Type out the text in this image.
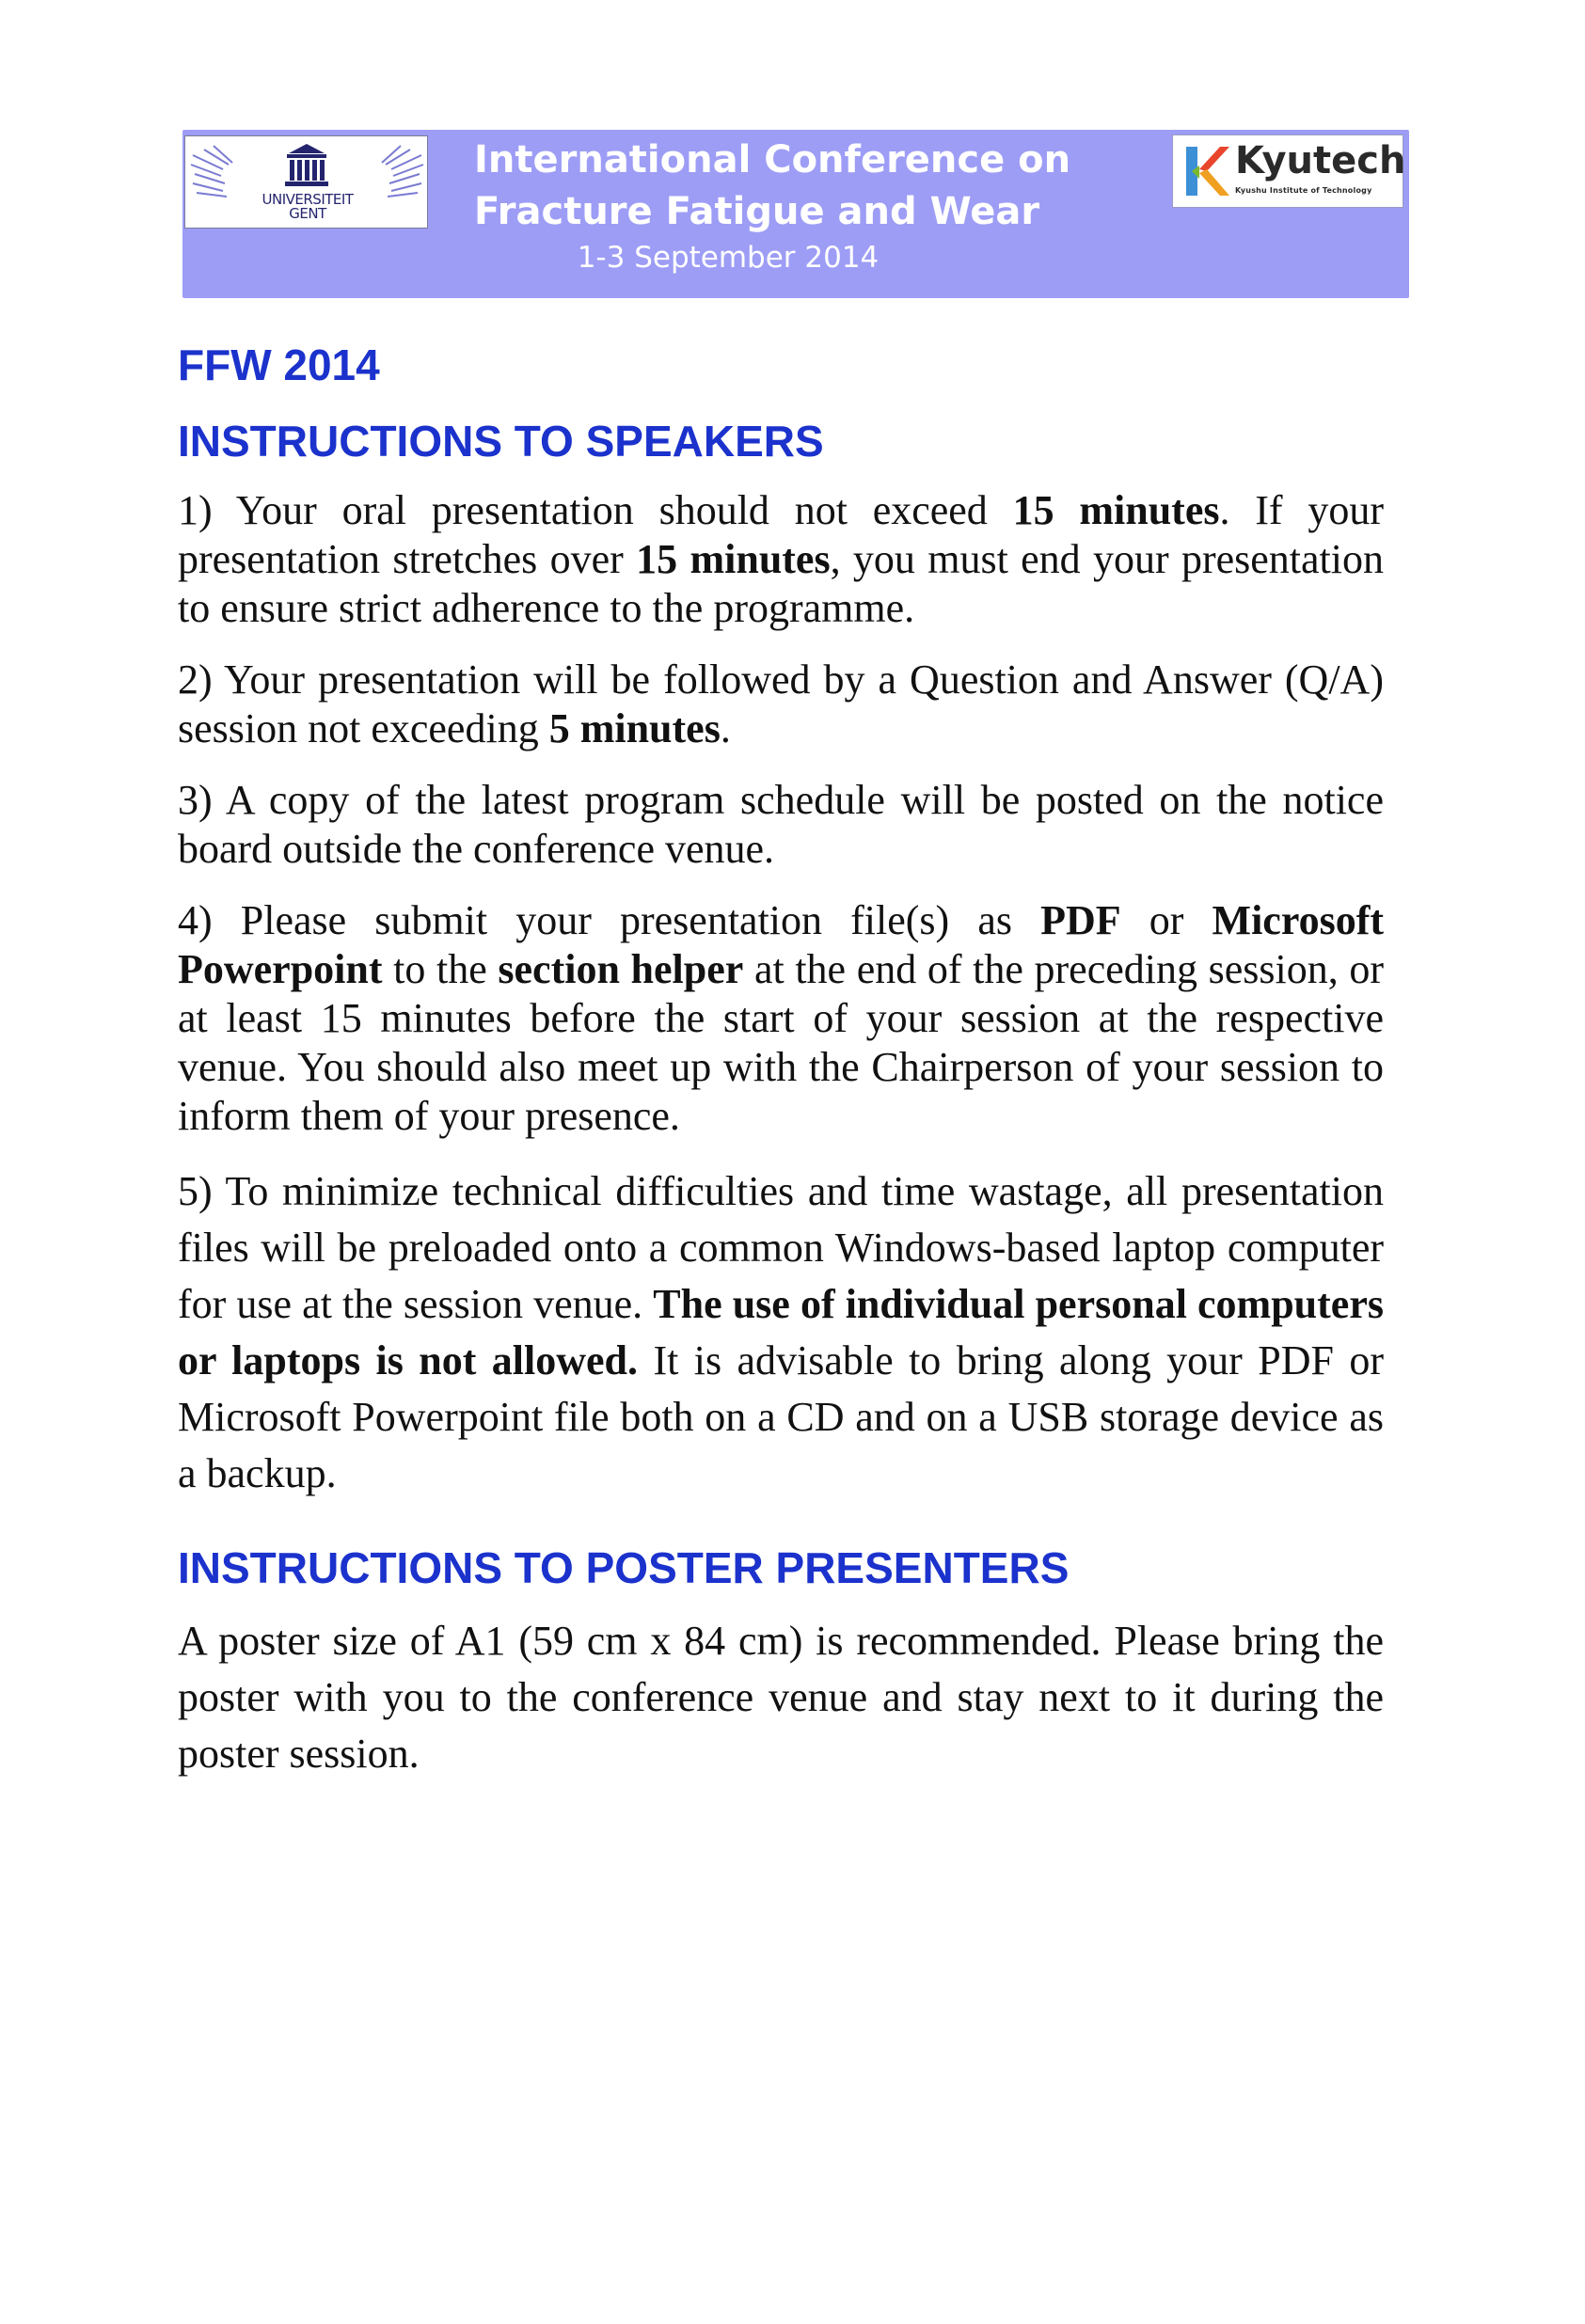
UNIVERSITEIT
GENT
International Conference on
Fracture Fatigue and Wear
1-3 September 2014
Kyutech
Kyushu Institute of Technology
FFW 2014
INSTRUCTIONS TO SPEAKERS

1) Your oral presentation should not exceed 15 minutes. If your presentation stretches over 15 minutes, you must end your presentation to ensure strict adherence to the programme.

2) Your presentation will be followed by a Question and Answer (Q/A) session not exceeding 5 minutes.

3) A copy of the latest program schedule will be posted on the notice board outside the conference venue.

4) Please submit your presentation file(s) as PDF or Microsoft Powerpoint to the section helper at the end of the preceding session, or at least 15 minutes before the start of your session at the respective venue. You should also meet up with the Chairperson of your session to inform them of your presence.

5) To minimize technical difficulties and time wastage, all presentation files will be preloaded onto a common Windows-based laptop computer for use at the session venue. The use of individual personal computers or laptops is not allowed. It is advisable to bring along your PDF or Microsoft Powerpoint file both on a CD and on a USB storage device as a backup.

INSTRUCTIONS TO POSTER PRESENTERS

A poster size of A1 (59 cm x 84 cm) is recommended. Please bring the poster with you to the conference venue and stay next to it during the poster session.
